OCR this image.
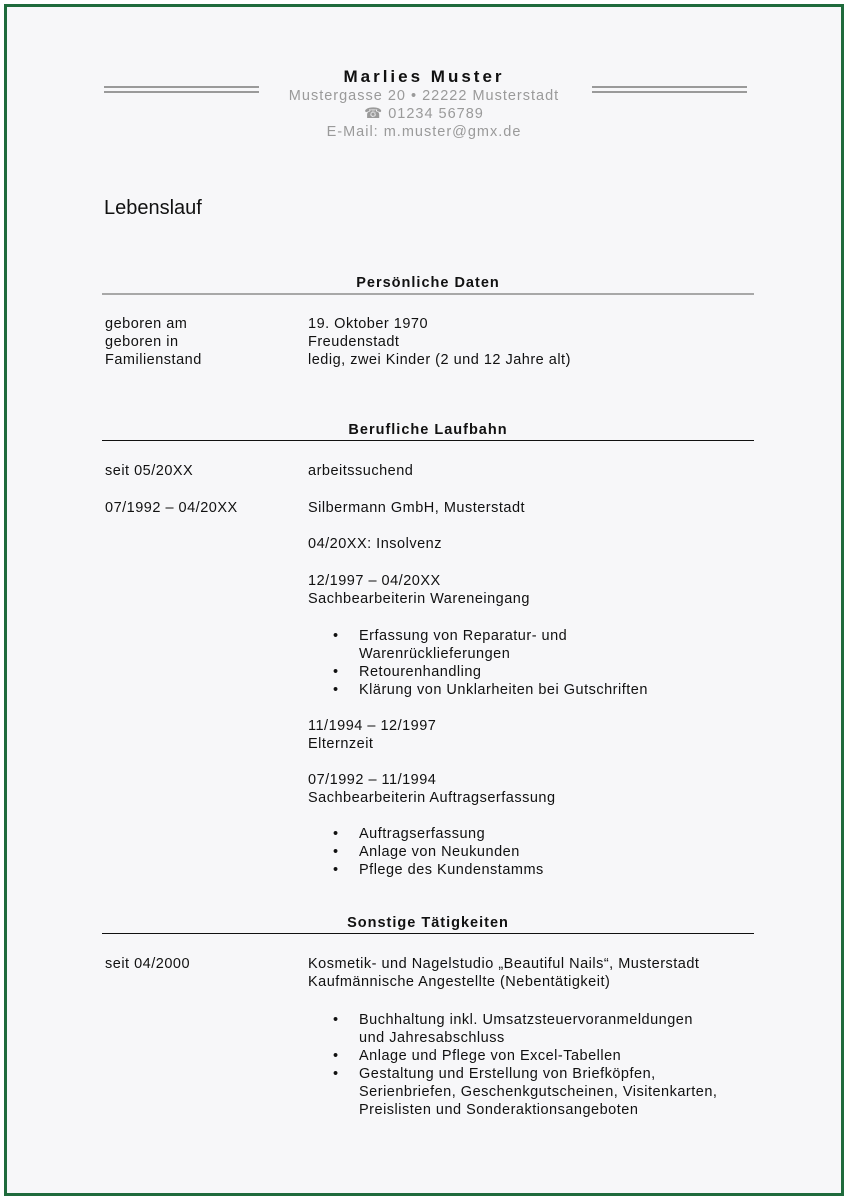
Marlies Muster
Mustergasse 20 • 22222 Musterstadt
☎ 01234 56789
E-Mail: m.muster@gmx.de
Lebenslauf
Persönliche Daten
geboren am	19. Oktober 1970
geboren in	Freudenstadt
Familienstand	ledig, zwei Kinder (2 und 12 Jahre alt)
Berufliche Laufbahn
seit 05/20XX	arbeitssuchend
07/1992 – 04/20XX	Silbermann GmbH, Musterstadt
04/20XX: Insolvenz
12/1997 – 04/20XX
Sachbearbeiterin Wareneingang
• Erfassung von Reparatur- und
Warenrücklieferungen
• Retourenhandling
• Klärung von Unklarheiten bei Gutschriften
11/1994 – 12/1997
Elternzeit
07/1992 – 11/1994
Sachbearbeiterin Auftragserfassung
• Auftragserfassung
• Anlage von Neukunden
• Pflege des Kundenstamms
Sonstige Tätigkeiten
seit 04/2000	Kosmetik- und Nagelstudio „Beautiful Nails“, Musterstadt
Kaufmännische Angestellte (Nebentätigkeit)
• Buchhaltung inkl. Umsatzsteuervoranmeldungen
und Jahresabschluss
• Anlage und Pflege von Excel-Tabellen
• Gestaltung und Erstellung von Briefköpfen,
Serienbriefen, Geschenkgutscheinen, Visitenkarten,
Preislisten und Sonderaktionsangeboten
